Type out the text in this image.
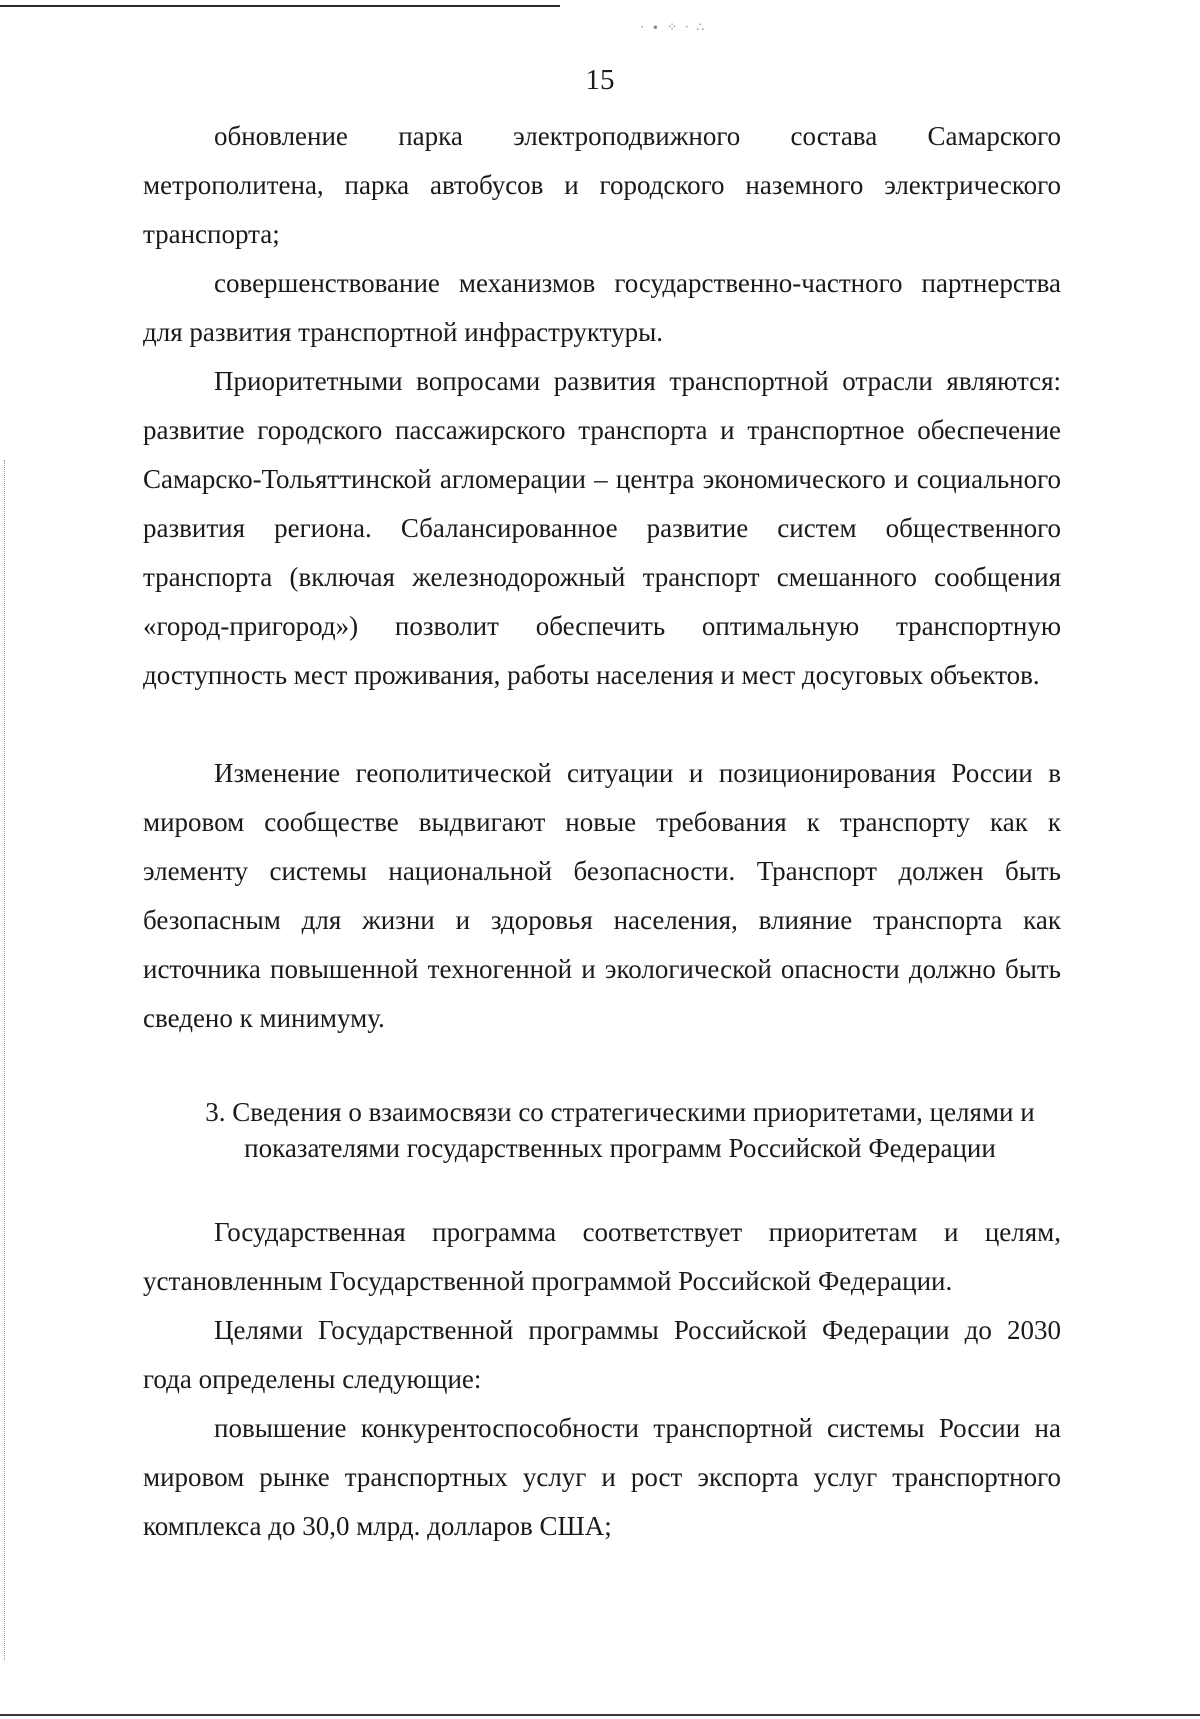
· ∙ ⁘ · ∴
15

обновление парка электроподвижного состава Самарского метрополитена, парка автобусов и городского наземного электрического транспорта;

совершенствование механизмов государственно-частного партнерства для развития транспортной инфраструктуры.

Приоритетными вопросами развития транспортной отрасли являются: развитие городского пассажирского транспорта и транспортное обеспечение Самарско-Тольяттинской агломерации – центра экономического и социального развития региона. Сбалансированное развитие систем общественного транспорта (включая железнодорожный транспорт смешанного сообщения «город-пригород») позволит обеспечить оптимальную транспортную доступность мест проживания, работы населения и мест досуговых объектов.

Изменение геополитической ситуации и позиционирования России в мировом сообществе выдвигают новые требования к транспорту как к элементу системы национальной безопасности. Транспорт должен быть безопасным для жизни и здоровья населения, влияние транспорта как источника повышенной техногенной и экологической опасности должно быть сведено к минимуму.

3. Сведения о взаимосвязи со стратегическими приоритетами, целями и показателями государственных программ Российской Федерации

Государственная программа соответствует приоритетам и целям, установленным Государственной программой Российской Федерации.

Целями Государственной программы Российской Федерации до 2030 года определены следующие:

повышение конкурентоспособности транспортной системы России на мировом рынке транспортных услуг и рост экспорта услуг транспортного комплекса до 30,0 млрд. долларов США;
